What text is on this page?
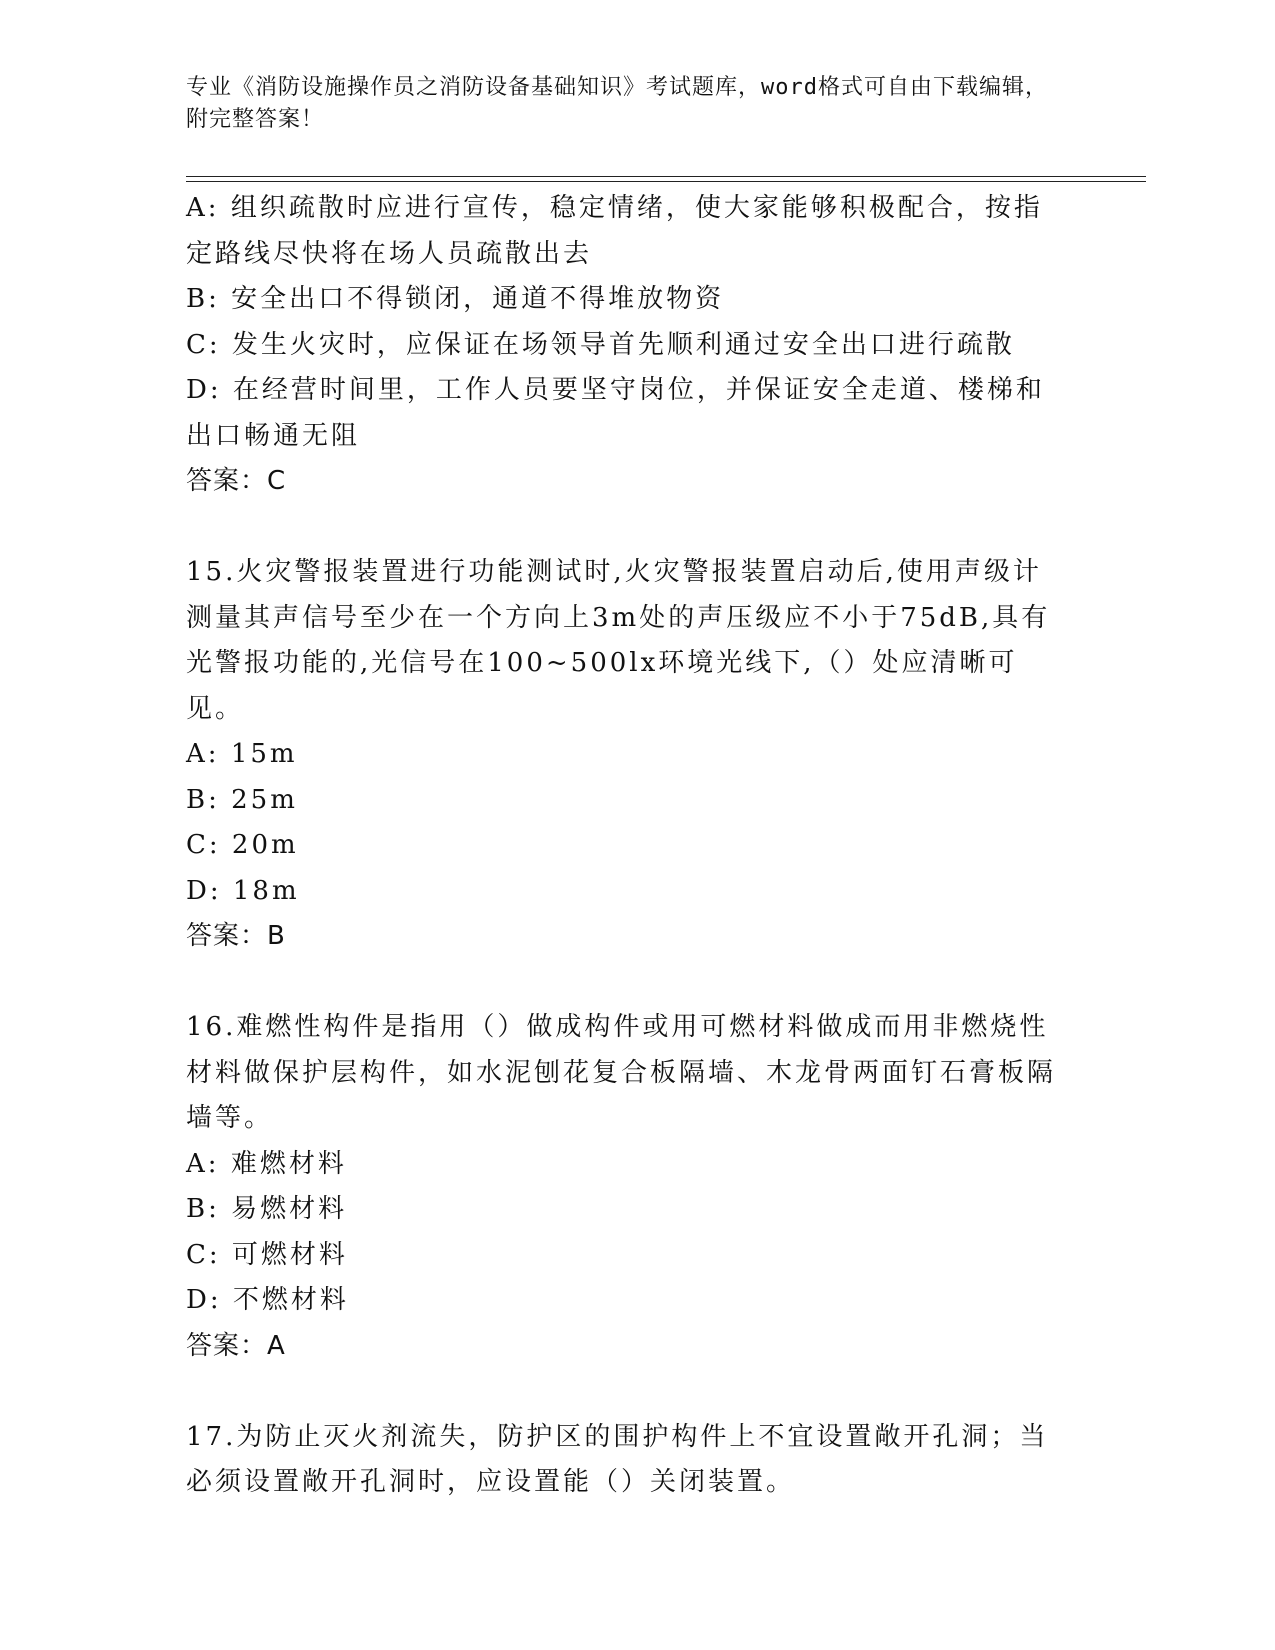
专业《消防设施操作员之消防设备基础知识》考试题库，word格式可自由下载编辑，附完整答案！

A: 组织疏散时应进行宣传，稳定情绪，使大家能够积极配合，按指定路线尽快将在场人员疏散出去

B: 安全出口不得锁闭，通道不得堆放物资

C: 发生火灾时，应保证在场领导首先顺利通过安全出口进行疏散

D: 在经营时间里，工作人员要坚守岗位，并保证安全走道、楼梯和出口畅通无阻

答案：C

15.火灾警报装置进行功能测试时,火灾警报装置启动后,使用声级计测量其声信号至少在一个方向上3m处的声压级应不小于75dB,具有光警报功能的,光信号在100~500lx环境光线下,（）处应清晰可见。

A: 15m

B: 25m

C: 20m

D: 18m

答案：B

16.难燃性构件是指用（）做成构件或用可燃材料做成而用非燃烧性材料做保护层构件，如水泥刨花复合板隔墙、木龙骨两面钉石膏板隔墙等。

A: 难燃材料

B: 易燃材料

C: 可燃材料

D: 不燃材料

答案：A

17.为防止灭火剂流失，防护区的围护构件上不宜设置敞开孔洞；当必须设置敞开孔洞时，应设置能（）关闭装置。
